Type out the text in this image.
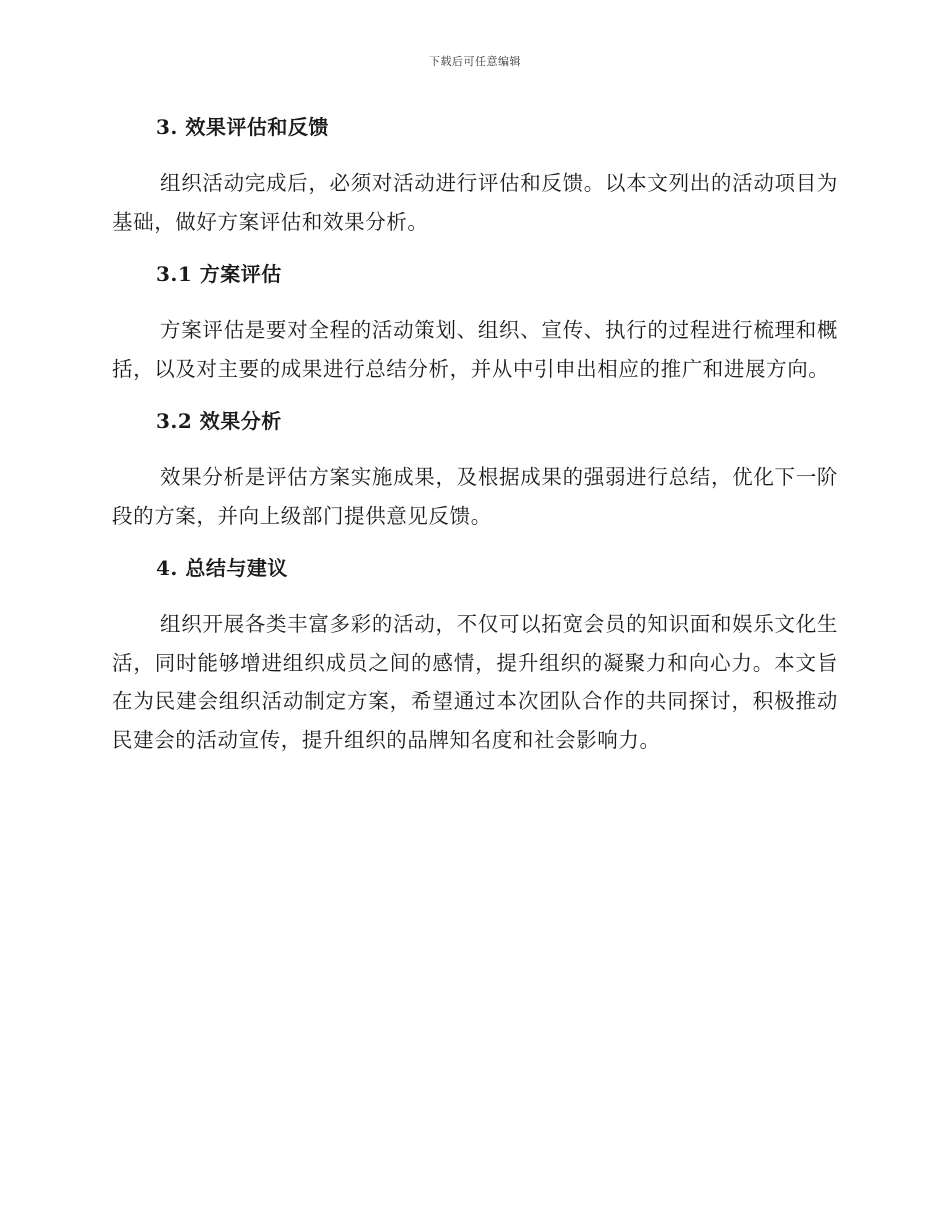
下载后可任意编辑
3. 效果评估和反馈

组织活动完成后，必须对活动进行评估和反馈。以本文列出的活动项目为基础，做好方案评估和效果分析。

3.1 方案评估

方案评估是要对全程的活动策划、组织、宣传、执行的过程进行梳理和概括，以及对主要的成果进行总结分析，并从中引申出相应的推广和进展方向。

3.2 效果分析

效果分析是评估方案实施成果，及根据成果的强弱进行总结，优化下一阶段的方案，并向上级部门提供意见反馈。

4. 总结与建议

组织开展各类丰富多彩的活动，不仅可以拓宽会员的知识面和娱乐文化生活，同时能够增进组织成员之间的感情，提升组织的凝聚力和向心力。本文旨在为民建会组织活动制定方案，希望通过本次团队合作的共同探讨，积极推动民建会的活动宣传，提升组织的品牌知名度和社会影响力。
